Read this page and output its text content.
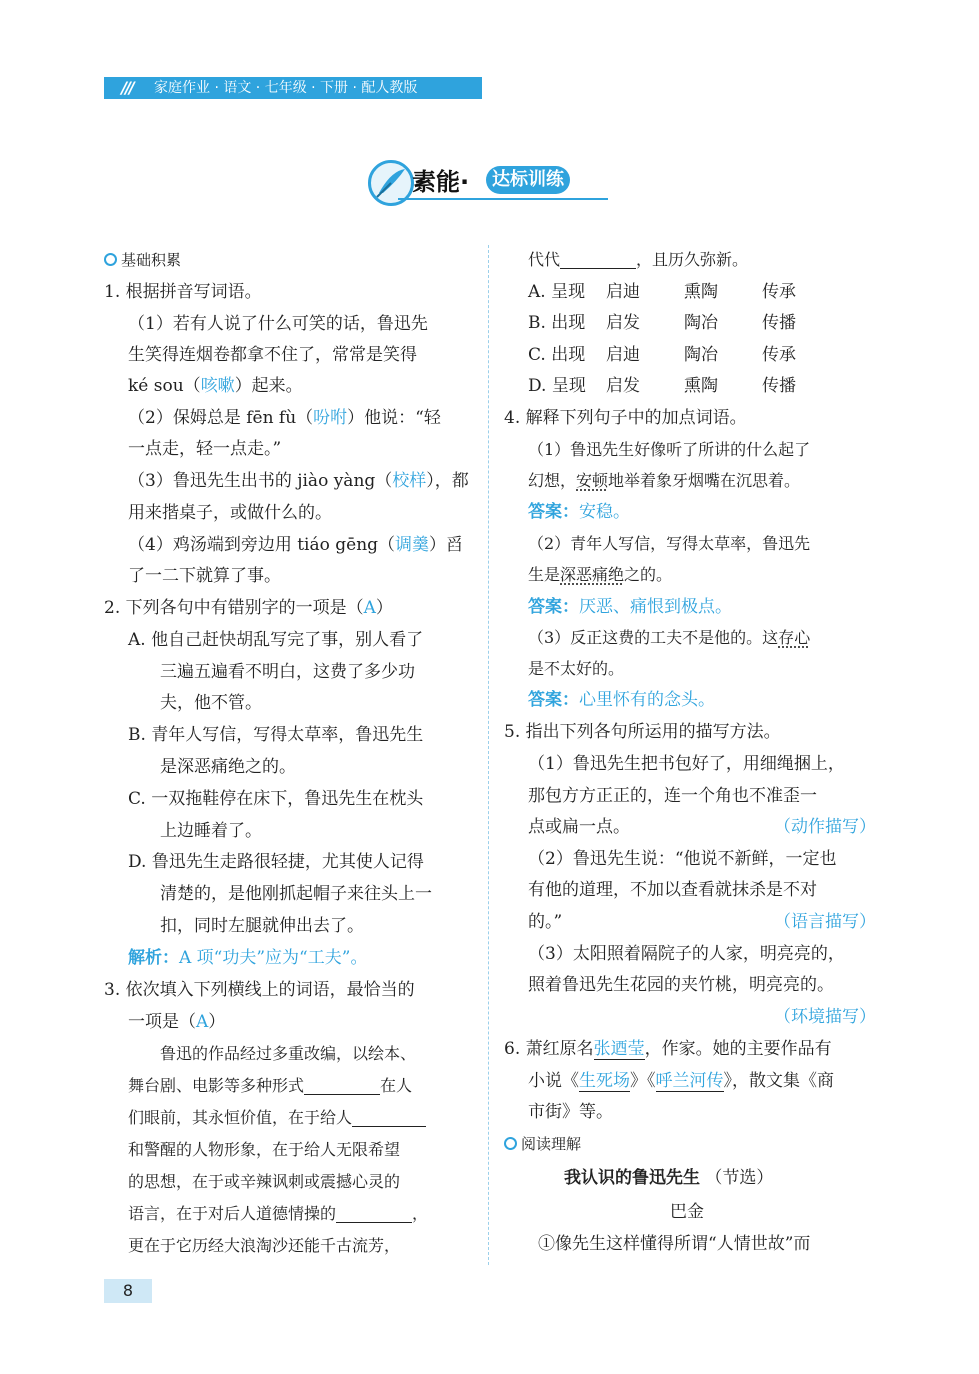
///	家庭作业 · 语文 · 七年级 · 下册 · 配人教版
素能·	达标训练
基础积累
1. 根据拼音写词语。
（1）若有人说了什么可笑的话，鲁迅先
生笑得连烟卷都拿不住了，常常是笑得
ké sou（咳嗽）起来。
（2）保姆总是 fēn fù（吩咐）他说：“轻
一点走，轻一点走。”
（3）鲁迅先生出书的 jiào yàng（校样），都
用来揩桌子，或做什么的。
（4）鸡汤端到旁边用 tiáo gēng（调羹）舀
了一二下就算了事。
2. 下列各句中有错别字的一项是（A）
A. 他自己赶快胡乱写完了事，别人看了
三遍五遍看不明白，这费了多少功
夫，他不管。
B. 青年人写信，写得太草率，鲁迅先生
是深恶痛绝之的。
C. 一双拖鞋停在床下，鲁迅先生在枕头
上边睡着了。
D. 鲁迅先生走路很轻捷，尤其使人记得
清楚的，是他刚抓起帽子来往头上一
扣，同时左腿就伸出去了。
解析：A 项“功夫”应为“工夫”。
3. 依次填入下列横线上的词语，最恰当的
一项是（A）
鲁迅的作品经过多重改编，以绘本、
舞台剧、电影等多种形式	在人
们眼前，其永恒价值，在于给人
和警醒的人物形象，在于给人无限希望
的思想，在于或辛辣讽刺或震撼心灵的
语言，在于对后人道德情操的	，
更在于它历经大浪淘沙还能千古流芳，
代代	，且历久弥新。
A. 呈现 启迪	熏陶	传承
B. 出现 启发	陶冶	传播
C. 出现 启迪	陶冶	传承
D. 呈现 启发	熏陶	传播
4. 解释下列句子中的加点词语。
（1）鲁迅先生好像听了所讲的什么起了
幻想，安顿地举着象牙烟嘴在沉思着。
答案：安稳。
（2）青年人写信，写得太草率，鲁迅先
生是深恶痛绝之的。
答案：厌恶、痛恨到极点。
（3）反正这费的工夫不是他的。这存心
是不太好的。
答案：心里怀有的念头。
5. 指出下列各句所运用的描写方法。
（1）鲁迅先生把书包好了，用细绳捆上，
那包方方正正的，连一个角也不准歪一
点或扁一点。	（动作描写）
（2）鲁迅先生说：“他说不新鲜，一定也
有他的道理，不加以查看就抹杀是不对
的。”	（语言描写）
（3）太阳照着隔院子的人家，明亮亮的，
照着鲁迅先生花园的夹竹桃，明亮亮的。
（环境描写）
6. 萧红原名张迺莹，作家。她的主要作品有
小说《生死场》《呼兰河传》，散文集《商
市街》等。
阅读理解
我认识的鲁迅先生 （节选）
巴金
①像先生这样懂得所谓“人情世故”而
8
